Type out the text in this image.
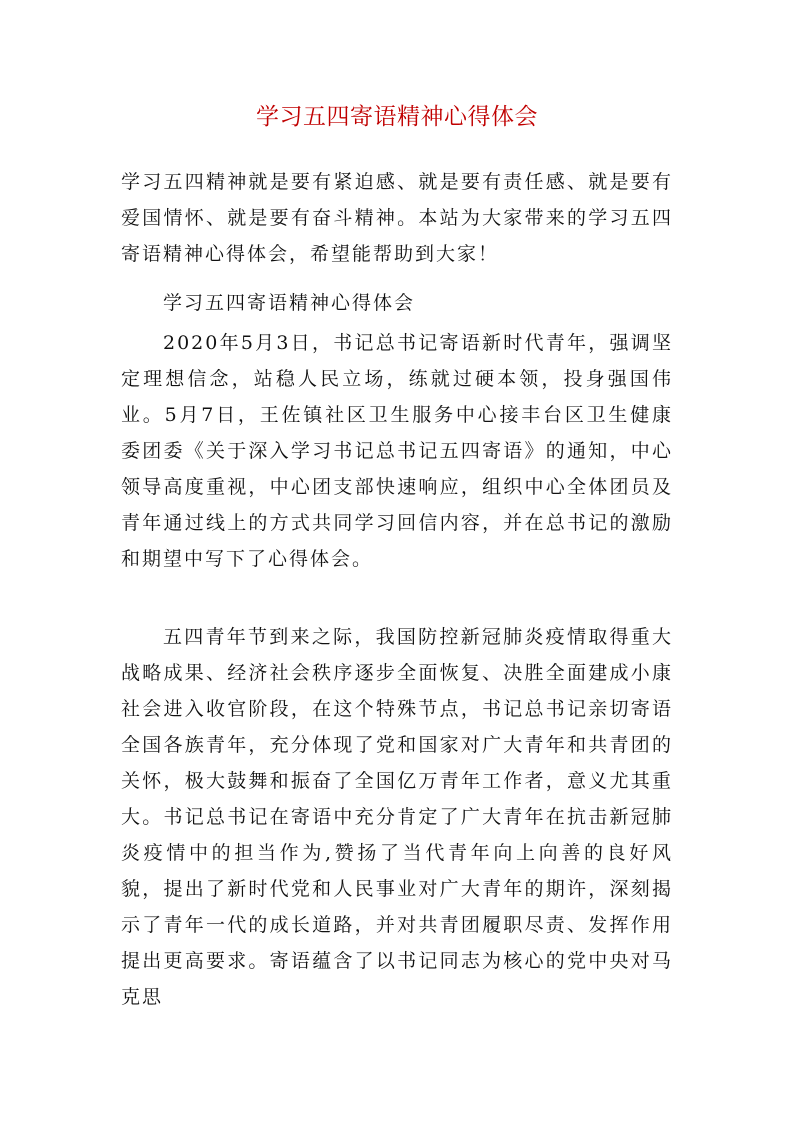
学习五四寄语精神心得体会

学习五四精神就是要有紧迫感、就是要有责任感、就是要有爱国情怀、就是要有奋斗精神。本站为大家带来的学习五四寄语精神心得体会，希望能帮助到大家！

学习五四寄语精神心得体会

2020年5月3日，书记总书记寄语新时代青年，强调坚定理想信念，站稳人民立场，练就过硬本领，投身强国伟业。5月7日，王佐镇社区卫生服务中心接丰台区卫生健康委团委《关于深入学习书记总书记五四寄语》的通知，中心领导高度重视，中心团支部快速响应，组织中心全体团员及青年通过线上的方式共同学习回信内容，并在总书记的激励和期望中写下了心得体会。

五四青年节到来之际，我国防控新冠肺炎疫情取得重大战略成果、经济社会秩序逐步全面恢复、决胜全面建成小康社会进入收官阶段，在这个特殊节点，书记总书记亲切寄语全国各族青年，充分体现了党和国家对广大青年和共青团的关怀，极大鼓舞和振奋了全国亿万青年工作者，意义尤其重大。书记总书记在寄语中充分肯定了广大青年在抗击新冠肺炎疫情中的担当作为,赞扬了当代青年向上向善的良好风貌，提出了新时代党和人民事业对广大青年的期许，深刻揭示了青年一代的成长道路，并对共青团履职尽责、发挥作用提出更高要求。寄语蕴含了以书记同志为核心的党中央对马克思
